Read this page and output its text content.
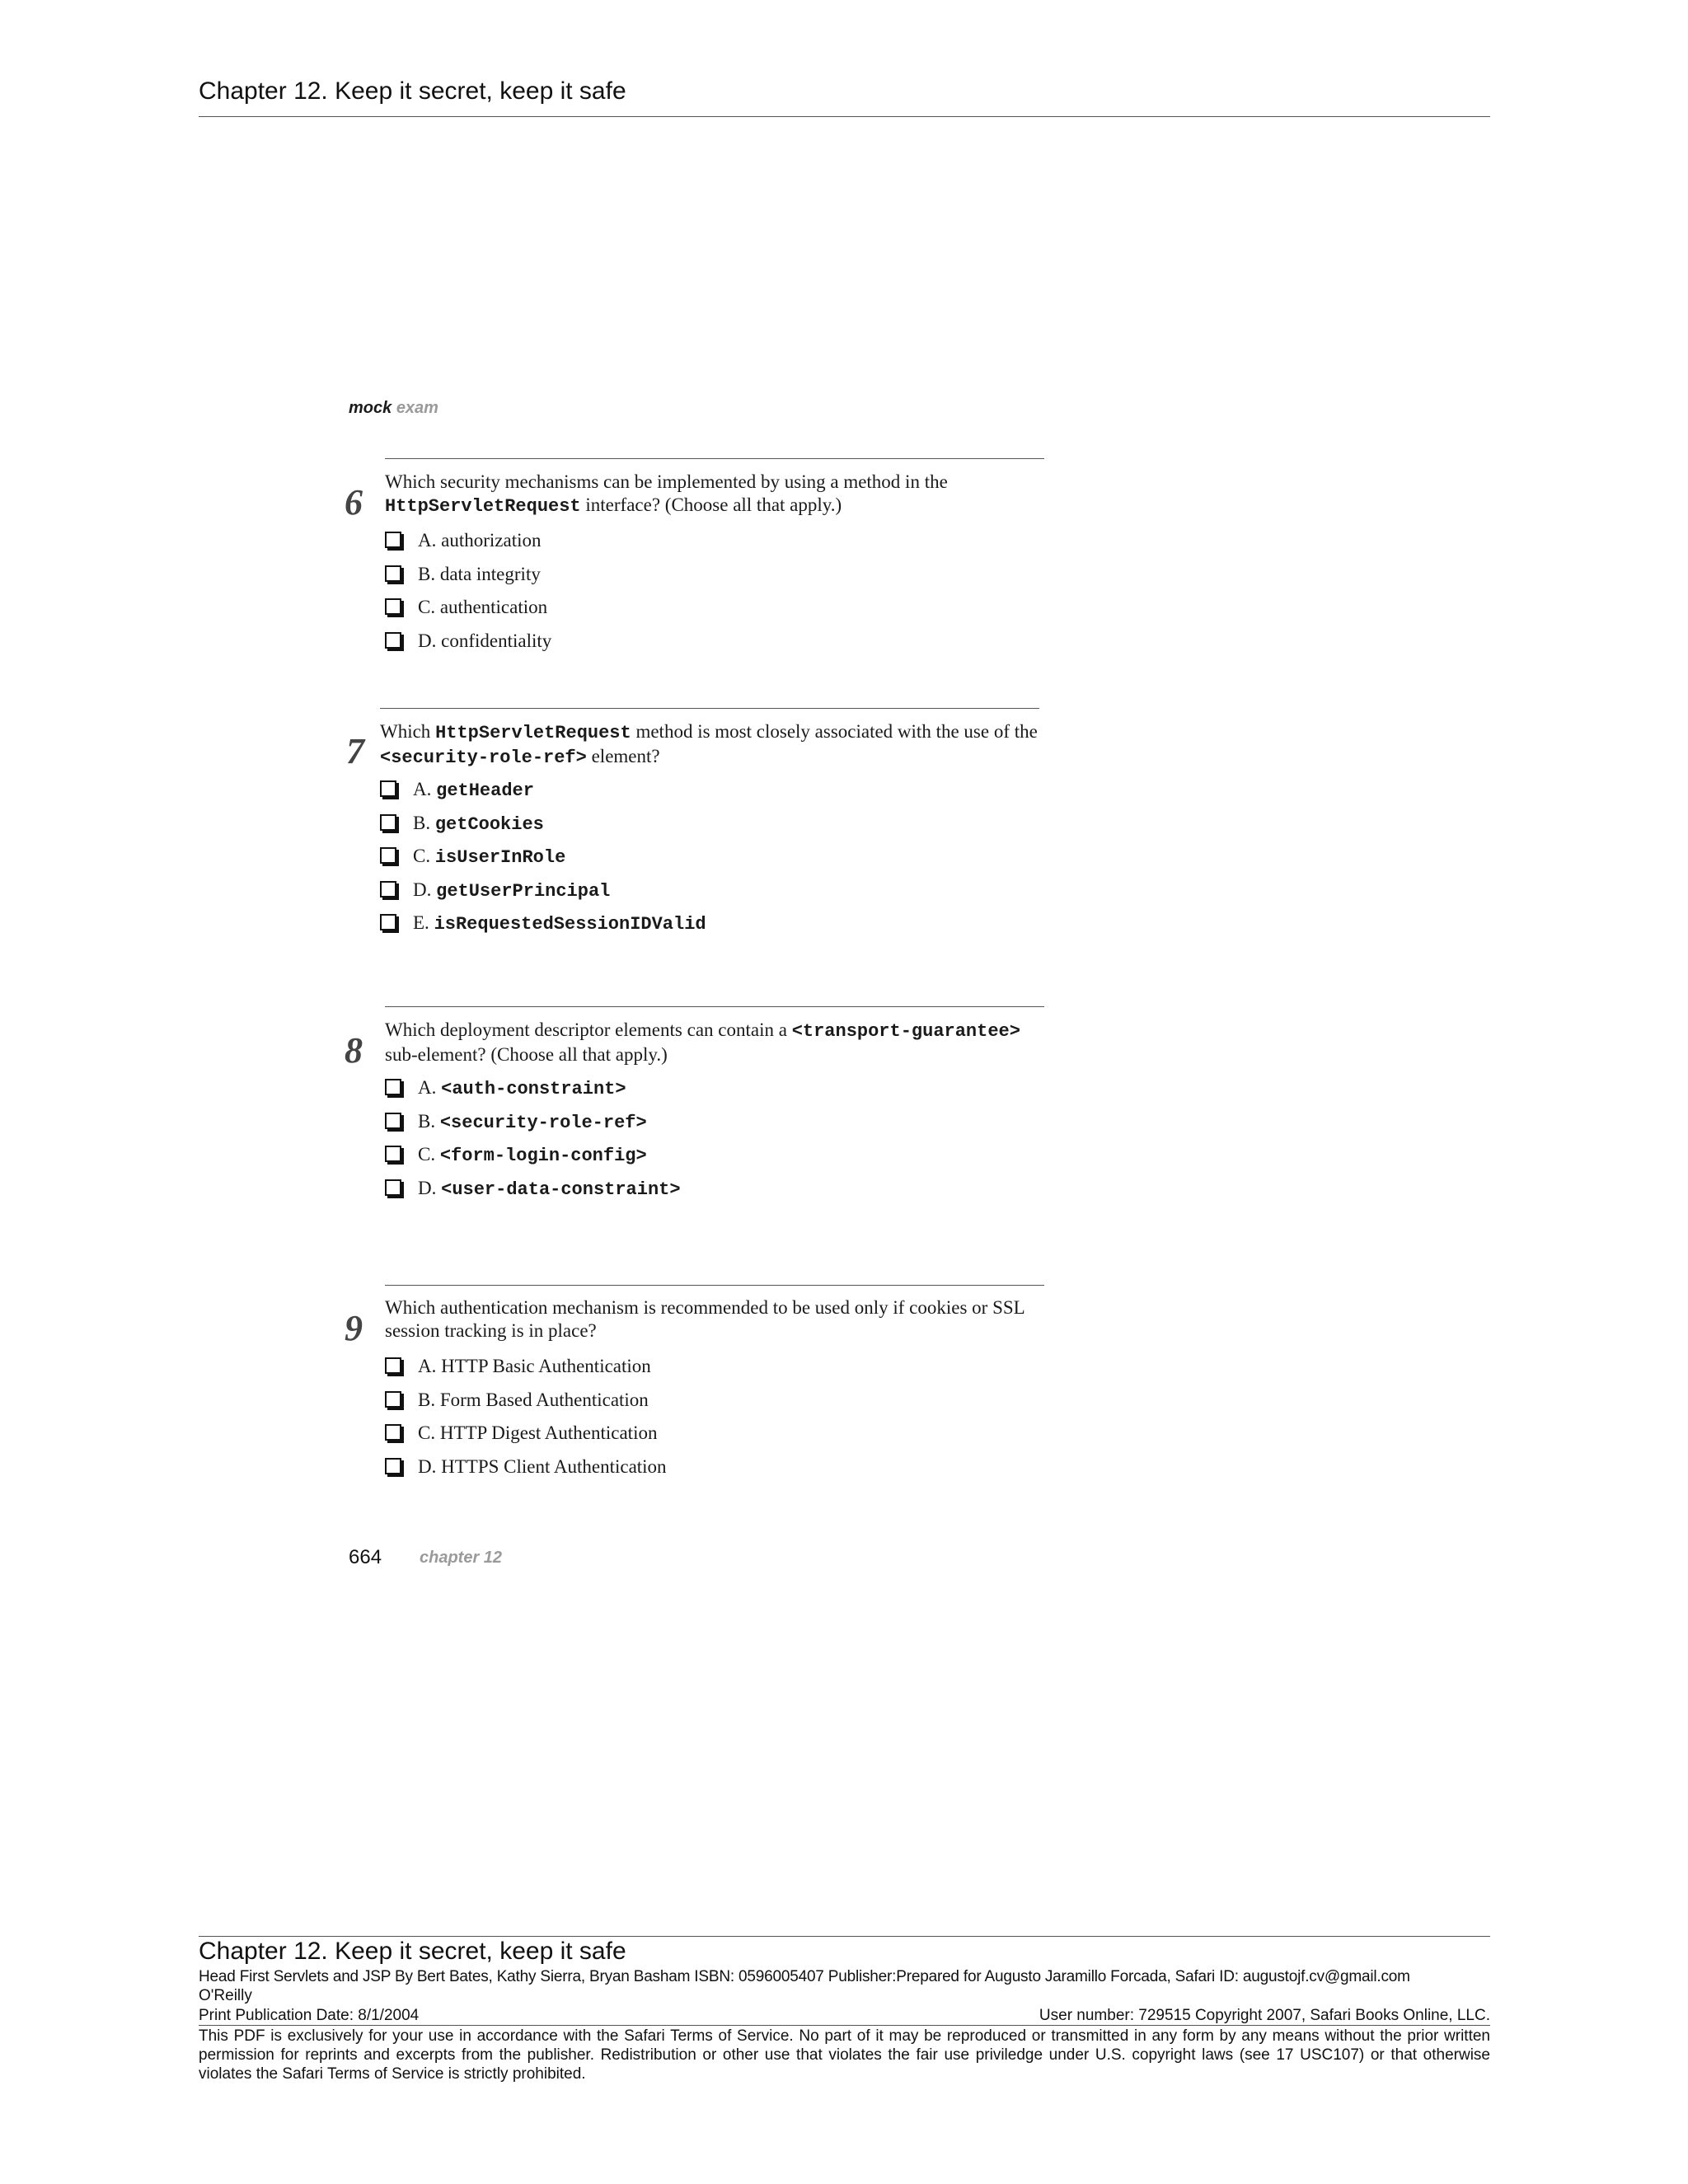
Chapter 12. Keep it secret, keep it safe
mock exam
6
Which security mechanisms can be implemented by using a method in the HttpServletRequest interface? (Choose all that apply.)
A. authorization
B. data integrity
C. authentication
D. confidentiality
7 Which HttpServletRequest method is most closely associated with the use of the <security-role-ref> element?
A. getHeader
B. getCookies
C. isUserInRole
D. getUserPrincipal
E. isRequestedSessionIDValid
8
Which deployment descriptor elements can contain a <transport-guarantee> sub-element? (Choose all that apply.)
A. <auth-constraint>
B. <security-role-ref>
C. <form-login-config>
D. <user-data-constraint>
9
Which authentication mechanism is recommended to be used only if cookies or SSL session tracking is in place?
A. HTTP Basic Authentication
B. Form Based Authentication
C. HTTP Digest Authentication
D. HTTPS Client Authentication
664 chapter 12
Chapter 12. Keep it secret, keep it safe
Head First Servlets and JSP By Bert Bates, Kathy Sierra, Bryan Basham ISBN: 0596005407 Publisher:Prepared for Augusto Jaramillo Forcada, Safari ID: augustojf.cv@gmail.com
O'Reilly
Print Publication Date: 8/1/2004	User number: 729515 Copyright 2007, Safari Books Online, LLC.
This PDF is exclusively for your use in accordance with the Safari Terms of Service. No part of it may be reproduced or transmitted in any form by any means without the prior written permission for reprints and excerpts from the publisher. Redistribution or other use that violates the fair use priviledge under U.S. copyright laws (see 17 USC107) or that otherwise violates the Safari Terms of Service is strictly prohibited.
